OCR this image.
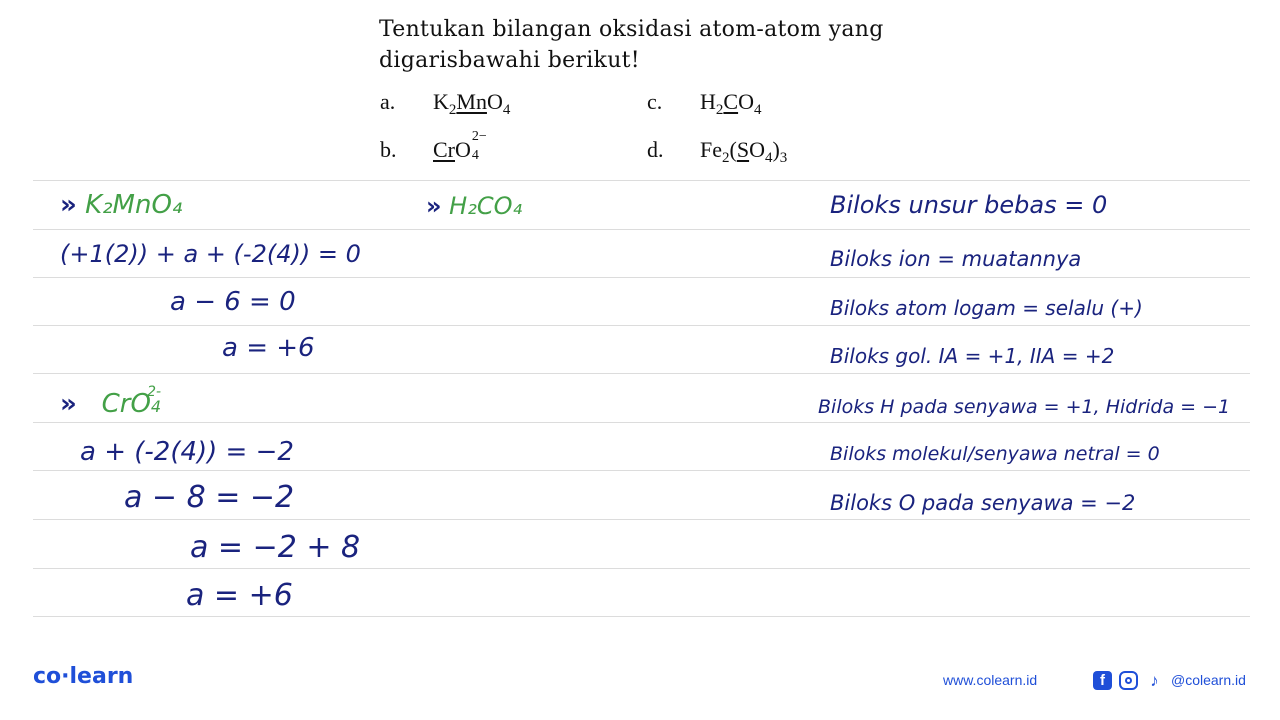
Tentukan bilangan oksidasi atom-atom yang
digarisbawahi berikut!
a. $K_2MnO_4$
b. CrO
2−
4
c. $H_2CO_4$
d. $Fe_2(SO_4)_3$
» K₂MnO₄
(+1(2)) + a + (-2(4)) = 0
a − 6 = 0
a = +6
» $CrO4^{2-}$
a + (-2(4)) = −2
a − 8 = −2
a = −2 + 8
a = +6
» H₂CO₄	Biloks unsur bebas = 0
Biloks ion = muatannya
Biloks atom logam = selalu (+)
Biloks gol. IA = +1, IIA = +2
Biloks H pada senyawa = +1, Hidrida = −1
Biloks molekul/senyawa netral = 0
Biloks O pada senyawa = −2
co·learn	www.colearn.id	f	♪ @colearn.id
